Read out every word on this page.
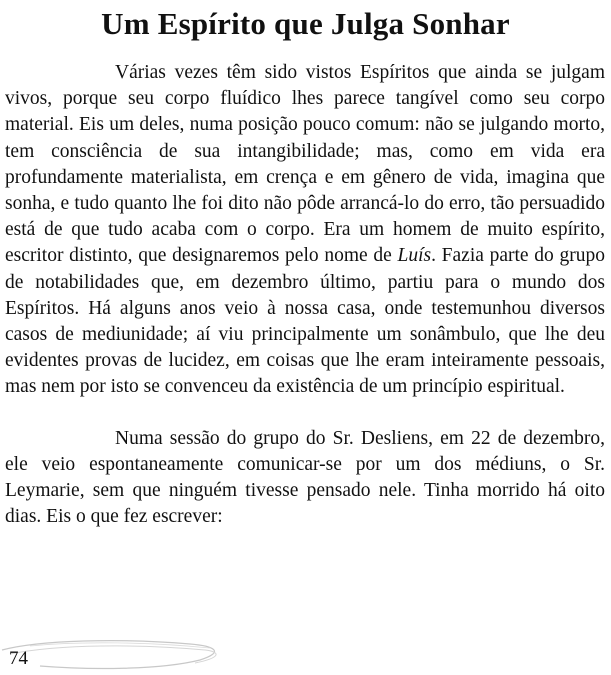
Um Espírito que Julga Sonhar

Várias vezes têm sido vistos Espíritos que ainda se julgam vivos, porque seu corpo fluídico lhes parece tangível como seu corpo material. Eis um deles, numa posição pouco comum: não se julgando morto, tem consciência de sua intangibilidade; mas, como em vida era profundamente materialista, em crença e em gênero de vida, imagina que sonha, e tudo quanto lhe foi dito não pôde arrancá-lo do erro, tão persuadido está de que tudo acaba com o corpo. Era um homem de muito espírito, escritor distinto, que designaremos pelo nome de Luís. Fazia parte do grupo de notabilidades que, em dezembro último, partiu para o mundo dos Espíritos. Há alguns anos veio à nossa casa, onde testemunhou diversos casos de mediunidade; aí viu principalmente um sonâmbulo, que lhe deu evidentes provas de lucidez, em coisas que lhe eram inteiramente pessoais, mas nem por isto se convenceu da existência de um princípio espiritual.

Numa sessão do grupo do Sr. Desliens, em 22 de dezembro, ele veio espontaneamente comunicar-se por um dos médiuns, o Sr. Leymarie, sem que ninguém tivesse pensado nele. Tinha morrido há oito dias. Eis o que fez escrever:

74
